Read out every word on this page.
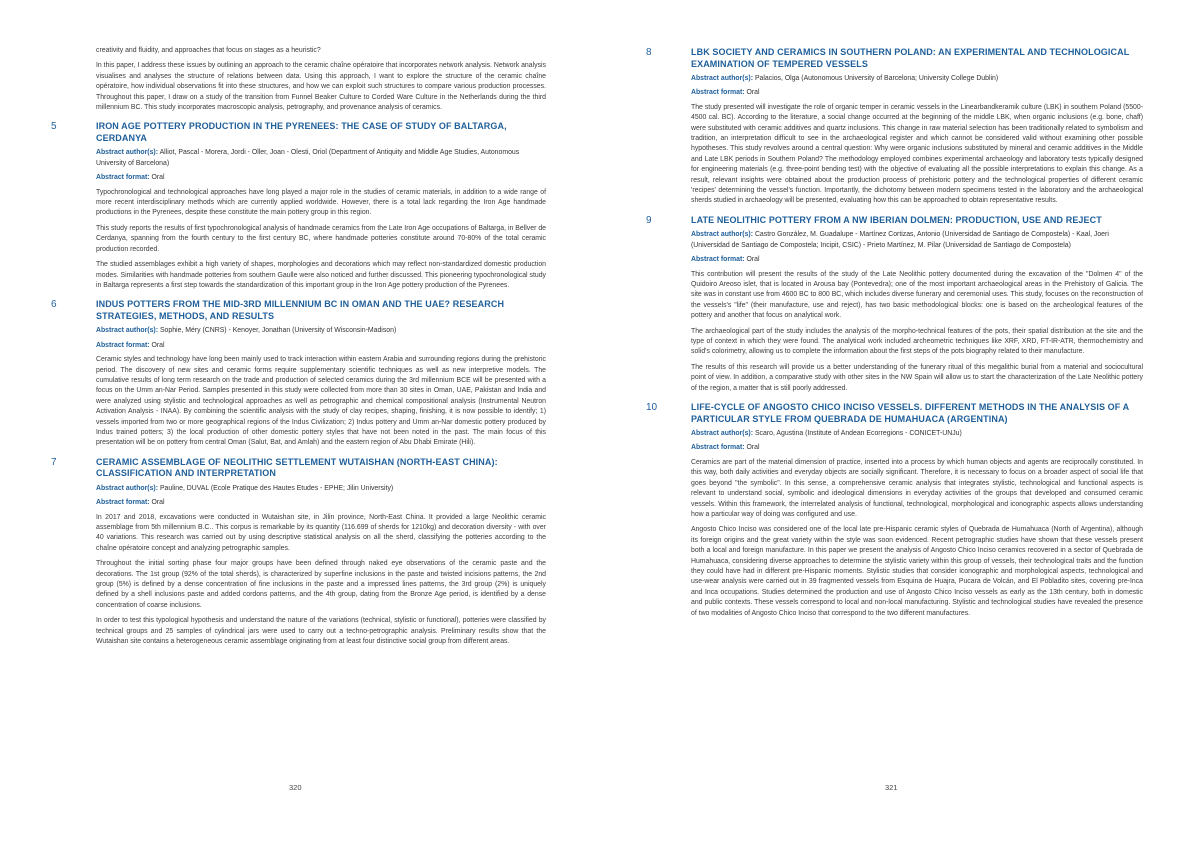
creativity and fluidity, and approaches that focus on stages as a heuristic?

In this paper, I address these issues by outlining an approach to the ceramic chaîne opératoire that incorporates network analysis. Network analysis visualises and analyses the structure of relations between data. Using this approach, I want to explore the structure of the ceramic chaîne opératoire, how individual observations fit into these structures, and how we can exploit such structures to compare various production processes. Throughout this paper, I draw on a study of the transition from Funnel Beaker Culture to Corded Ware Culture in the Netherlands during the third millennium BC. This study incorporates macroscopic analysis, petrography, and provenance analysis of ceramics.

5	IRON AGE POTTERY PRODUCTION IN THE PYRENEES: THE CASE OF STUDY OF BALTARGA, CERDANYA
Abstract author(s): Alliot, Pascal - Morera, Jordi - Oller, Joan - Olesti, Oriol (Department of Antiquity and Middle Age Studies, Autonomous University of Barcelona)
Abstract format: Oral

Typochronological and technological approaches have long played a major role in the studies of ceramic materials, in addition to a wide range of more recent interdisciplinary methods which are currently applied worldwide. However, there is a total lack regarding the Iron Age handmade productions in the Pyrenees, despite these constitute the main pottery group in this region.

This study reports the results of first typochronological analysis of handmade ceramics from the Late Iron Age occupations of Baltarga, in Bellver de Cerdanya, spanning from the fourth century to the first century BC, where handmade potteries constitute around 70-80% of the total ceramic production recorded.

The studied assemblages exhibit a high variety of shapes, morphologies and decorations which may reflect non-standardized domestic production modes. Similarities with handmade potteries from southern Gaulle were also noticed and further discussed. This pioneering typochronological study in Baltarga represents a first step towards the standardization of this important group in the Iron Age pottery production of the Pyrenees.

6	INDUS POTTERS FROM THE MID-3RD MILLENNIUM BC IN OMAN AND THE UAE? RESEARCH STRATEGIES, METHODS, AND RESULTS
Abstract author(s): Sophie, Méry (CNRS) - Kenoyer, Jonathan (University of Wisconsin-Madison)
Abstract format: Oral

Ceramic styles and technology have long been mainly used to track interaction within eastern Arabia and surrounding regions during the prehistoric period. The discovery of new sites and ceramic forms require supplementary scientific techniques as well as new interpretive models. The cumulative results of long term research on the trade and production of selected ceramics during the 3rd millennium BCE will be presented with a focus on the Umm an-Nar Period. Samples presented in this study were collected from more than 30 sites in Oman, UAE, Pakistan and India and were analyzed using stylistic and technological approaches as well as petrographic and chemical compositional analysis (Instrumental Neutron Activation Analysis - INAA). By combining the scientific analysis with the study of clay recipes, shaping, finishing, it is now possible to identify; 1) vessels imported from two or more geographical regions of the Indus Civilization; 2) Indus pottery and Umm an-Nar domestic pottery produced by Indus trained potters; 3) the local production of other domestic pottery styles that have not been noted in the past. The main focus of this presentation will be on pottery from central Oman (Salut, Bat, and Amlah) and the eastern region of Abu Dhabi Emirate (Hili).

7	CERAMIC ASSEMBLAGE OF NEOLITHIC SETTLEMENT WUTAISHAN (NORTH-EAST CHINA): CLASSIFICATION AND INTERPRETATION
Abstract author(s): Pauline, DUVAL (Ecole Pratique des Hautes Etudes - EPHE; Jilin University)
Abstract format: Oral

In 2017 and 2018, excavations were conducted in Wutaishan site, in Jilin province, North-East China. It provided a large Neolithic ceramic assemblage from 5th millennium B.C.. This corpus is remarkable by its quantity (116.699 of sherds for 1210kg) and decoration diversity - with over 40 variations. This research was carried out by using descriptive statistical analysis on all the sherd, classifying the potteries according to the chaîne opératoire concept and analyzing petrographic samples.

Throughout the initial sorting phase four major groups have been defined through naked eye observations of the ceramic paste and the decorations. The 1st group (92% of the total sherds), is characterized by superfine inclusions in the paste and twisted incisions patterns, the 2nd group (5%) is defined by a dense concentration of fine inclusions in the paste and a impressed lines patterns, the 3rd group (2%) is uniquely defined by a shell inclusions paste and added cordons patterns, and the 4th group, dating from the Bronze Age period, is identified by a dense concentration of coarse inclusions.

In order to test this typological hypothesis and understand the nature of the variations (technical, stylistic or functional), potteries were classified by technical groups and 25 samples of cylindrical jars were used to carry out a techno-petrographic analysis. Preliminary results show that the Wutaishan site contains a heterogeneous ceramic assemblage originating from at least four distinctive social group from different areas.

320
8	LBK SOCIETY AND CERAMICS IN SOUTHERN POLAND: AN EXPERIMENTAL AND TECHNOLOGICAL EXAMINATION OF TEMPERED VESSELS
Abstract author(s): Palacios, Olga (Autonomous University of Barcelona; University College Dublin)
Abstract format: Oral

The study presented will investigate the role of organic temper in ceramic vessels in the Linearbandkeramik culture (LBK) in southern Poland (5500-4500 cal. BC). According to the literature, a social change occurred at the beginning of the middle LBK, when organic inclusions (e.g. bone, chaff) were substituted with ceramic additives and quartz inclusions. This change in raw material selection has been traditionally related to symbolism and tradition, an interpretation difficult to see in the archaeological register and which cannot be considered valid without examining other possible hypotheses. This study revolves around a central question: Why were organic inclusions substituted by mineral and ceramic additives in the Middle and Late LBK periods in Southern Poland? The methodology employed combines experimental archaeology and laboratory tests typically designed for engineering materials (e.g. three-point bending test) with the objective of evaluating all the possible interpretations to explain this change. As a result, relevant insights were obtained about the production process of prehistoric pottery and the technological properties of different ceramic 'recipes' determining the vessel's function. Importantly, the dichotomy between modern specimens tested in the laboratory and the archaeological sherds studied in archaeology will be presented, evaluating how this can be approached to obtain representative results.

9	LATE NEOLITHIC POTTERY FROM A NW IBERIAN DOLMEN: PRODUCTION, USE AND REJECT
Abstract author(s): Castro González, M. Guadalupe - Martínez Cortizas, Antonio (Universidad de Santiago de Compostela) - Kaal, Joeri (Universidad de Santiago de Compostela; Incipit, CSIC) - Prieto Martínez, M. Pilar (Universidad de Santiago de Compostela)
Abstract format: Oral

This contribution will present the results of the study of the Late Neolithic pottery documented during the excavation of the "Dolmen 4" of the Quidoiro Areoso islet, that is located in Arousa bay (Pontevedra); one of the most important archaeological areas in the Prehistory of Galicia. The site was in constant use from 4600 BC to 800 BC, which includes diverse funerary and ceremonial uses. This study, focuses on the reconstruction of the vessels's "life" (their manufacture, use and reject), has two basic methodological blocks: one is based on the archeological features of the pottery and another that focus on analytical work.

The archaeological part of the study includes the analysis of the morpho-technical features of the pots, their spatial distribution at the site and the type of context in which they were found. The analytical work included archeometric techniques like XRF, XRD, FT-IR-ATR, thermochemistry and solid's colorimetry, allowing us to complete the information about the first steps of the pots biography related to their manufacture.

The results of this research will provide us a better understanding of the funerary ritual of this megalithic burial from a material and sociocultural point of view. In addition, a comparative study with other sites in the NW Spain will allow us to start the characterization of the Late Neolithic pottery of the region, a matter that is still poorly addressed.

10	LIFE-CYCLE OF ANGOSTO CHICO INCISO VESSELS. DIFFERENT METHODS IN THE ANALYSIS OF A PARTICULAR STYLE FROM QUEBRADA DE HUMAHUACA (ARGENTINA)
Abstract author(s): Scaro, Agustina (Institute of Andean Ecorregions - CONICET-UNJu)
Abstract format: Oral

Ceramics are part of the material dimension of practice, inserted into a process by which human objects and agents are reciprocally constituted. In this way, both daily activities and everyday objects are socially significant. Therefore, it is necessary to focus on a broader aspect of social life that goes beyond "the symbolic". In this sense, a comprehensive ceramic analysis that integrates stylistic, technological and functional aspects is relevant to understand social, symbolic and ideological dimensions in everyday activities of the groups that developed and consumed ceramic vessels. Within this framework, the interrelated analysis of functional, technological, morphological and iconographic aspects allows understanding how a particular way of doing was configured and use.

Angosto Chico Inciso was considered one of the local late pre-Hispanic ceramic styles of Quebrada de Humahuaca (North of Argentina), although its foreign origins and the great variety within the style was soon evidenced. Recent petrographic studies have shown that these vessels present both a local and foreign manufacture. In this paper we present the analysis of Angosto Chico Inciso ceramics recovered in a sector of Quebrada de Humahuaca, considering diverse approaches to determine the stylistic variety within this group of vessels, their technological traits and the function they could have had in different pre-Hispanic moments. Stylistic studies that consider iconographic and morphological aspects, technological and use-wear analysis were carried out in 39 fragmented vessels from Esquina de Huajra, Pucara de Volcán, and El Pobladito sites, covering pre-Inca and Inca occupations. Studies determined the production and use of Angosto Chico Inciso vessels as early as the 13th century, both in domestic and public contexts. These vessels correspond to local and non-local manufacturing. Stylistic and technological studies have revealed the presence of two modalities of Angosto Chico Inciso that correspond to the two different manufactures.

321
